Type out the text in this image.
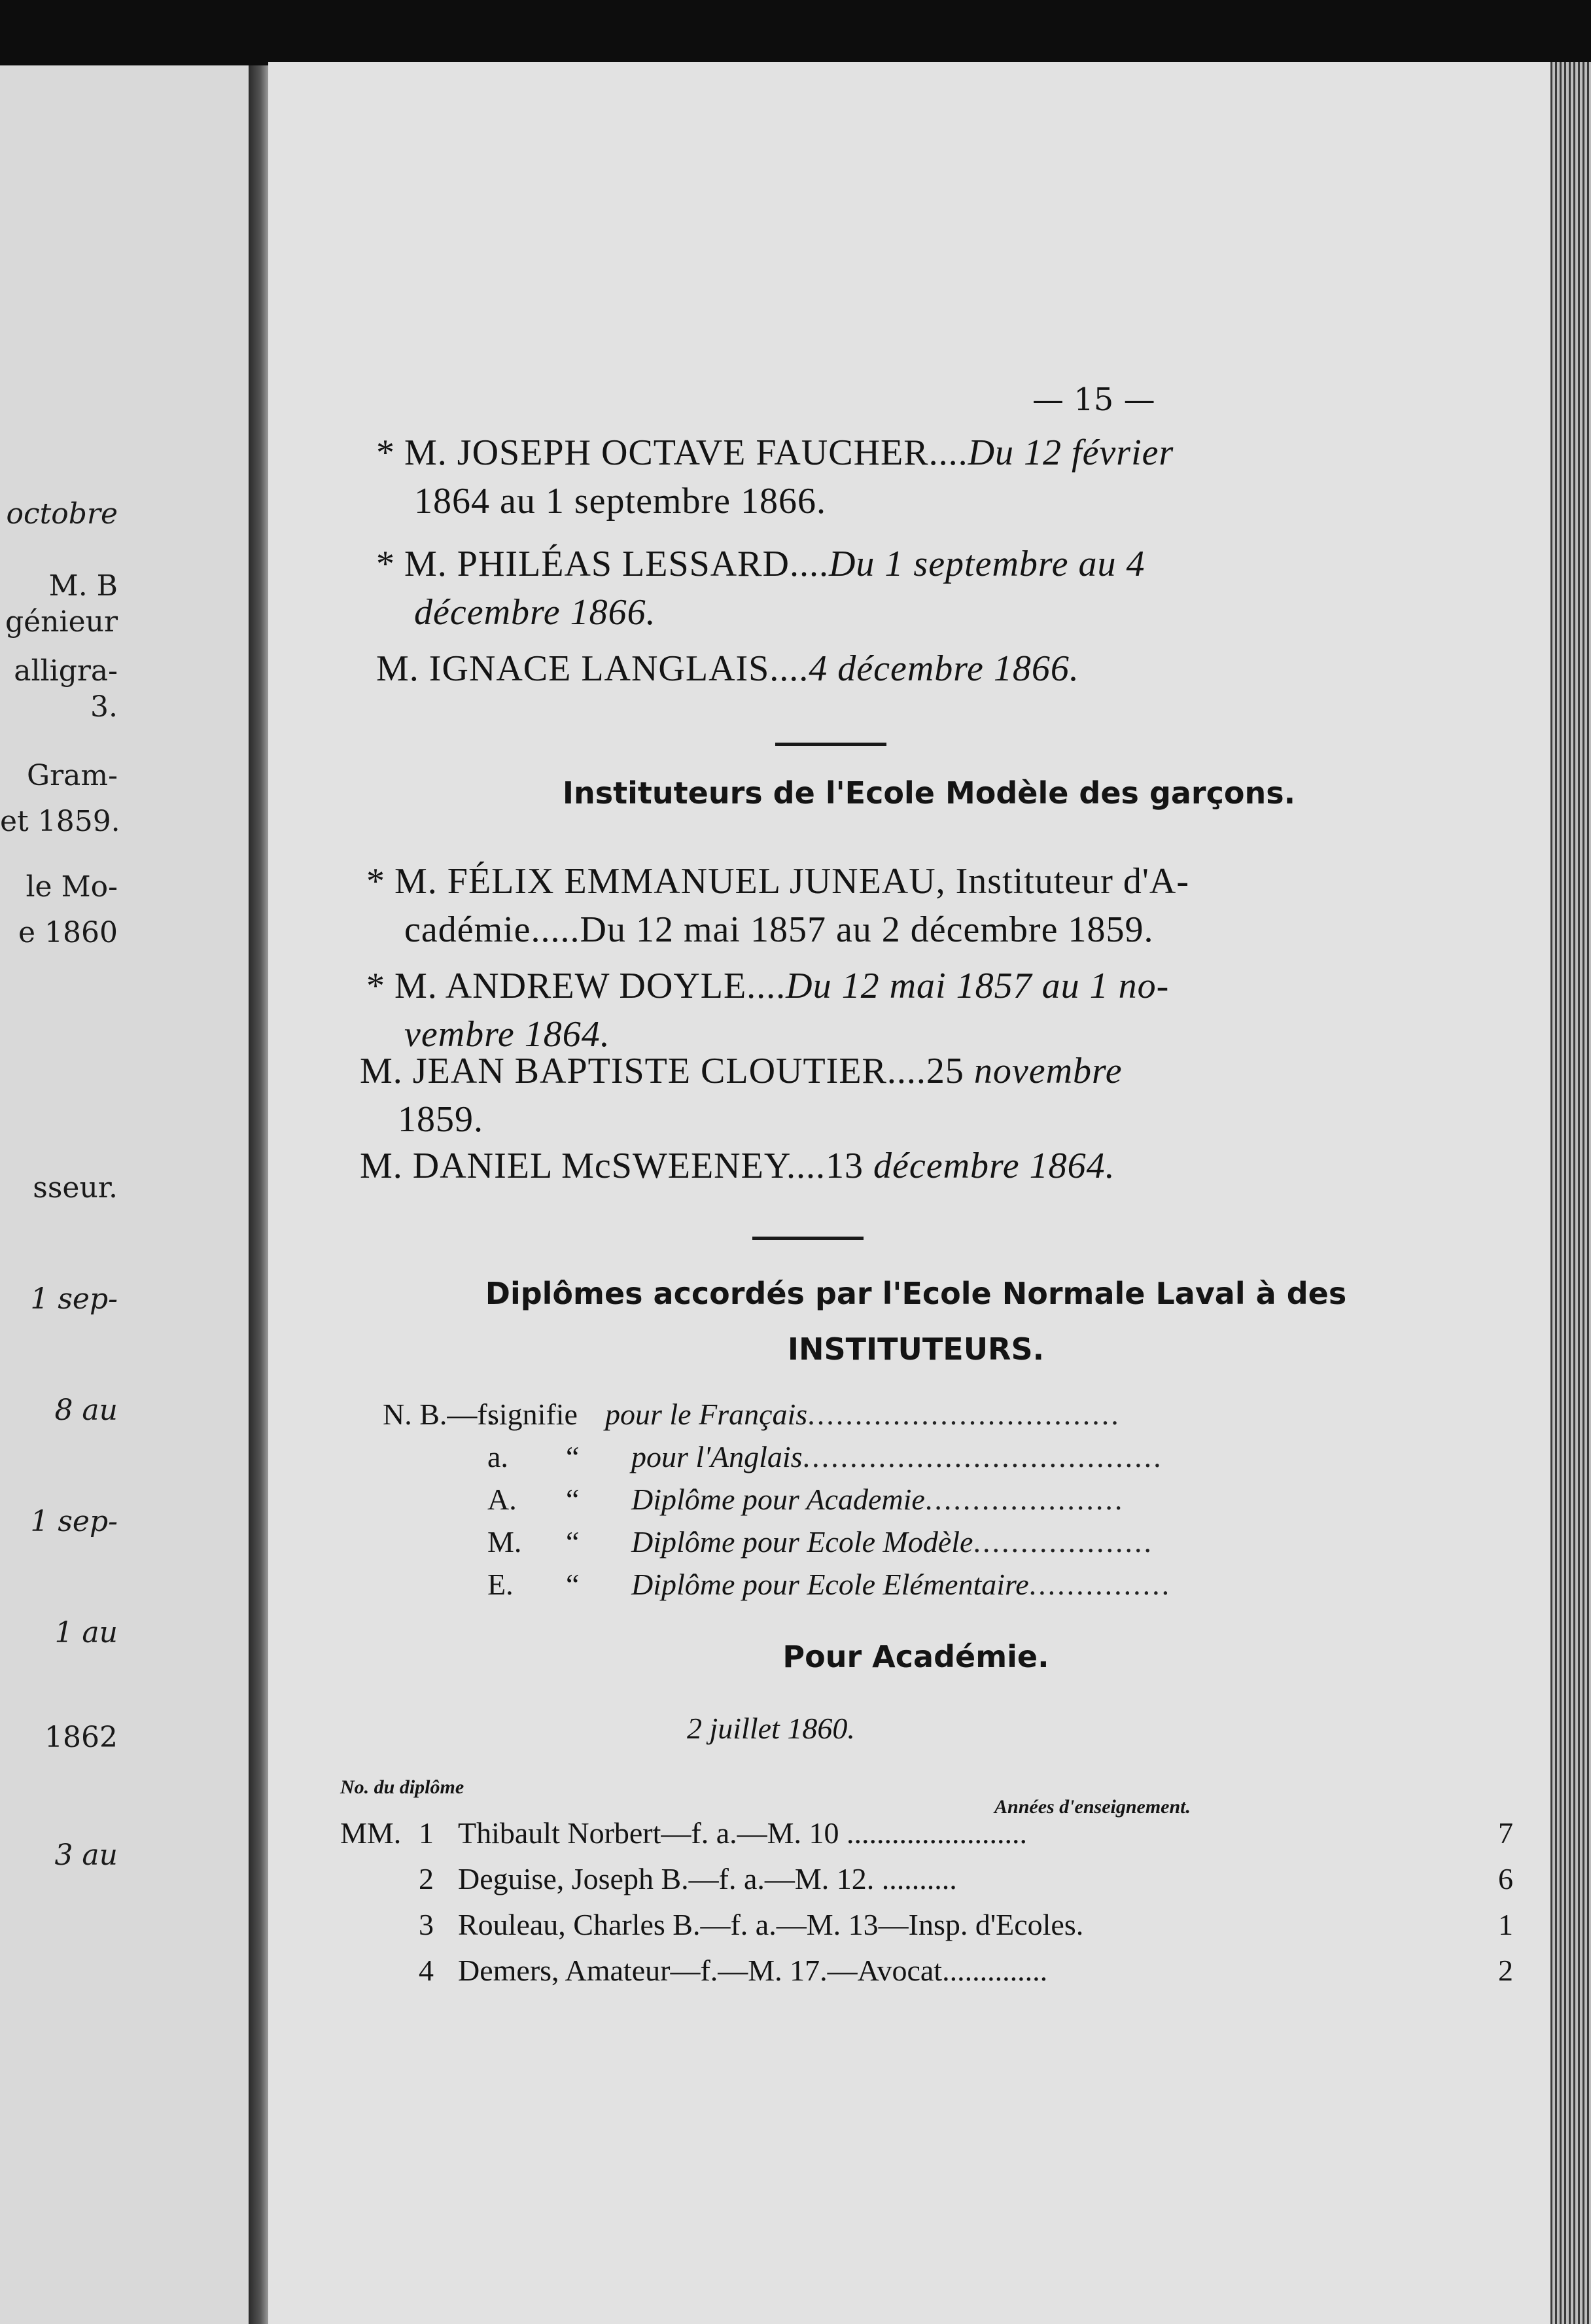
octobre
M. B
génieur
alligra-
3.
Gram-
et 1859.
le Mo-
e 1860
sseur.
1 sep-
8 au
1 sep-
1 au
1862
3 au
— 15 —
* M. JOSEPH OCTAVE FAUCHER....Du 12 février
1864 au 1 septembre 1866.
* M. PHILÉAS LESSARD....Du 1 septembre au 4
décembre 1866.
M. IGNACE LANGLAIS....4 décembre 1866.
Instituteurs de l'Ecole Modèle des garçons.
* M. FÉLIX EMMANUEL JUNEAU, Instituteur d'A-
cadémie.....Du 12 mai 1857 au 2 décembre 1859.
* M. ANDREW DOYLE....Du 12 mai 1857 au 1 no-
vembre 1864.
M. JEAN BAPTISTE CLOUTIER....25 novembre
1859.
M. DANIEL McSWEENEY....13 décembre 1864.
Diplômes accordés par l'Ecole Normale Laval à des
INSTITUTEURS.
N. B.—f.signifie pour le Français.................................
a. “ pour l'Anglais......................................
A. “ Diplôme pour Academie.....................
M. “ Diplôme pour Ecole Modèle...................
E. “ Diplôme pour Ecole Elémentaire...............
Pour Académie.
2 juillet 1860.
No. du diplôme
Années d'enseignement.
MM. 1 Thibault Norbert—f. a.—M. 10 ........................	7
2 Deguise, Joseph B.—f. a.—M. 12. ..........	6
3 Rouleau, Charles B.—f. a.—M. 13—Insp. d'Ecoles.	1
4 Demers, Amateur—f.—M. 17.—Avocat..............	2
